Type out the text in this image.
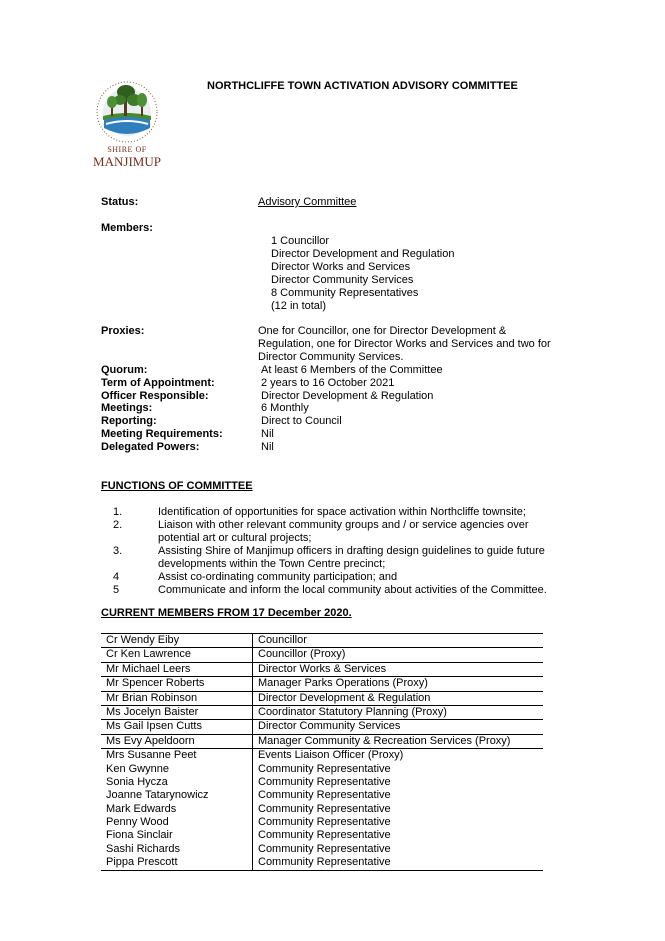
SHIRE OF
MANJIMUP
NORTHCLIFFE TOWN ACTIVATION ADVISORY COMMITTEE
Status:	Advisory Committee
Members:
1 Councillor
Director Development and Regulation
Director Works and Services
Director Community Services
8 Community Representatives
(12 in total)
Proxies:	One for Councillor, one for Director Development &
Regulation, one for Director Works and Services and two for
Director Community Services.
Quorum:	At least 6 Members of the Committee
Term of Appointment:	2 years to 16 October 2021
Officer Responsible:	Director Development & Regulation
Meetings:	6 Monthly
Reporting:	Direct to Council
Meeting Requirements:	Nil
Delegated Powers:	Nil
FUNCTIONS OF COMMITTEE
1.	Identification of opportunities for space activation within Northcliffe townsite;
2.	Liaison with other relevant community groups and / or service agencies over potential art or cultural projects;
3.	Assisting Shire of Manjimup officers in drafting design guidelines to guide future developments within the Town Centre precinct;
4	Assist co-ordinating community participation; and
5	Communicate and inform the local community about activities of the Committee.
CURRENT MEMBERS FROM 17 December 2020.
Cr Wendy Eiby	Councillor
Cr Ken Lawrence	Councillor (Proxy)
Mr Michael Leers	Director Works & Services
Mr Spencer Roberts	Manager Parks Operations (Proxy)
Mr Brian Robinson	Director Development & Regulation
Ms Jocelyn Baister	Coordinator Statutory Planning (Proxy)
Ms Gail Ipsen Cutts	Director Community Services
Ms Evy Apeldoorn	Manager Community & Recreation Services (Proxy)
Mrs Susanne Peet	Events Liaison Officer (Proxy)
Ken Gwynne	Community Representative
Sonia Hycza	Community Representative
Joanne Tatarynowicz	Community Representative
Mark Edwards	Community Representative
Penny Wood	Community Representative
Fiona Sinclair	Community Representative
Sashi Richards	Community Representative
Pippa Prescott	Community Representative
